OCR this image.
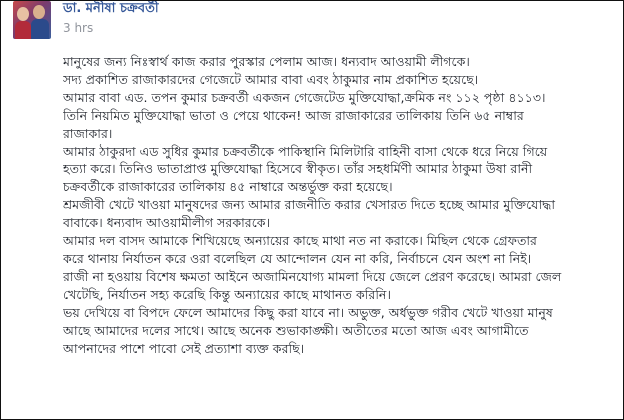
ডা. মনীষা চক্রবর্তী
3 hrs
মানুষের জন্য নিঃস্বার্থ কাজ করার পুরস্কার পেলাম আজ। ধন্যবাদ আওয়ামী লীগকে।
সদ্য প্রকাশিত রাজাকারদের গেজেটে আমার বাবা এবং ঠাকুমার নাম প্রকাশিত হয়েছে।
আমার বাবা এড. তপন কুমার চক্রবর্তী একজন গেজেটেড মুক্তিযোদ্ধা,ক্রমিক নং ১১২ পৃষ্ঠা ৪১১৩।
তিনি নিয়মিত মুক্তিযোদ্ধা ভাতা ও পেয়ে থাকেন! আজ রাজাকারের তালিকায় তিনি ৬৫ নাম্বার
রাজাকার।
আমার ঠাকুরদা এড সুধির কুমার চক্রবর্তীকে পাকিস্থানি মিলিটারি বাহিনী বাসা থেকে ধরে নিয়ে গিয়ে
হত্যা করে। তিনিও ভাতাপ্রাপ্ত মুক্তিযোদ্ধা হিসেবে স্বীকৃত। তাঁর সহধর্মিণী আমার ঠাকুমা উষা রানী
চক্রবর্তীকে রাজাকারের তালিকায় ৪৫ নাম্বারে অন্তর্ভুক্ত করা হয়েছে।
শ্রমজীবী খেটে খাওয়া মানুষদের জন্য আমার রাজনীতি করার খেসারত দিতে হচ্ছে আমার মুক্তিযোদ্ধা
বাবাকে। ধন্যবাদ আওয়ামীলীগ সরকারকে।
আমার দল বাসদ আমাকে শিখিয়েছে অন্যায়ের কাছে মাথা নত না করাকে। মিছিল থেকে গ্রেফতার
করে থানায় নির্যাতন করে ওরা বলেছিল যে আন্দোলন যেন না করি, নির্বাচনে যেন অংশ না নিই।
রাজী না হওয়ায় বিশেষ ক্ষমতা আইনে অজামিনযোগ্য মামলা দিয়ে জেলে প্রেরণ করেছে। আমরা জেল
খেটেছি, নির্যাতন সহ্য করেছি কিন্তু অন্যায়ের কাছে মাথানত করিনি।
ভয় দেখিয়ে বা বিপদে ফেলে আমাদের কিছু করা যাবে না। অভুক্ত, অর্ধভুক্ত গরীব খেটে খাওয়া মানুষ
আছে আমাদের দলের সাথে। আছে অনেক শুভাকাঙ্ক্ষী। অতীতের মতো আজ এবং আগামীতে
আপনাদের পাশে পাবো সেই প্রত্যাশা ব্যক্ত করছি।
